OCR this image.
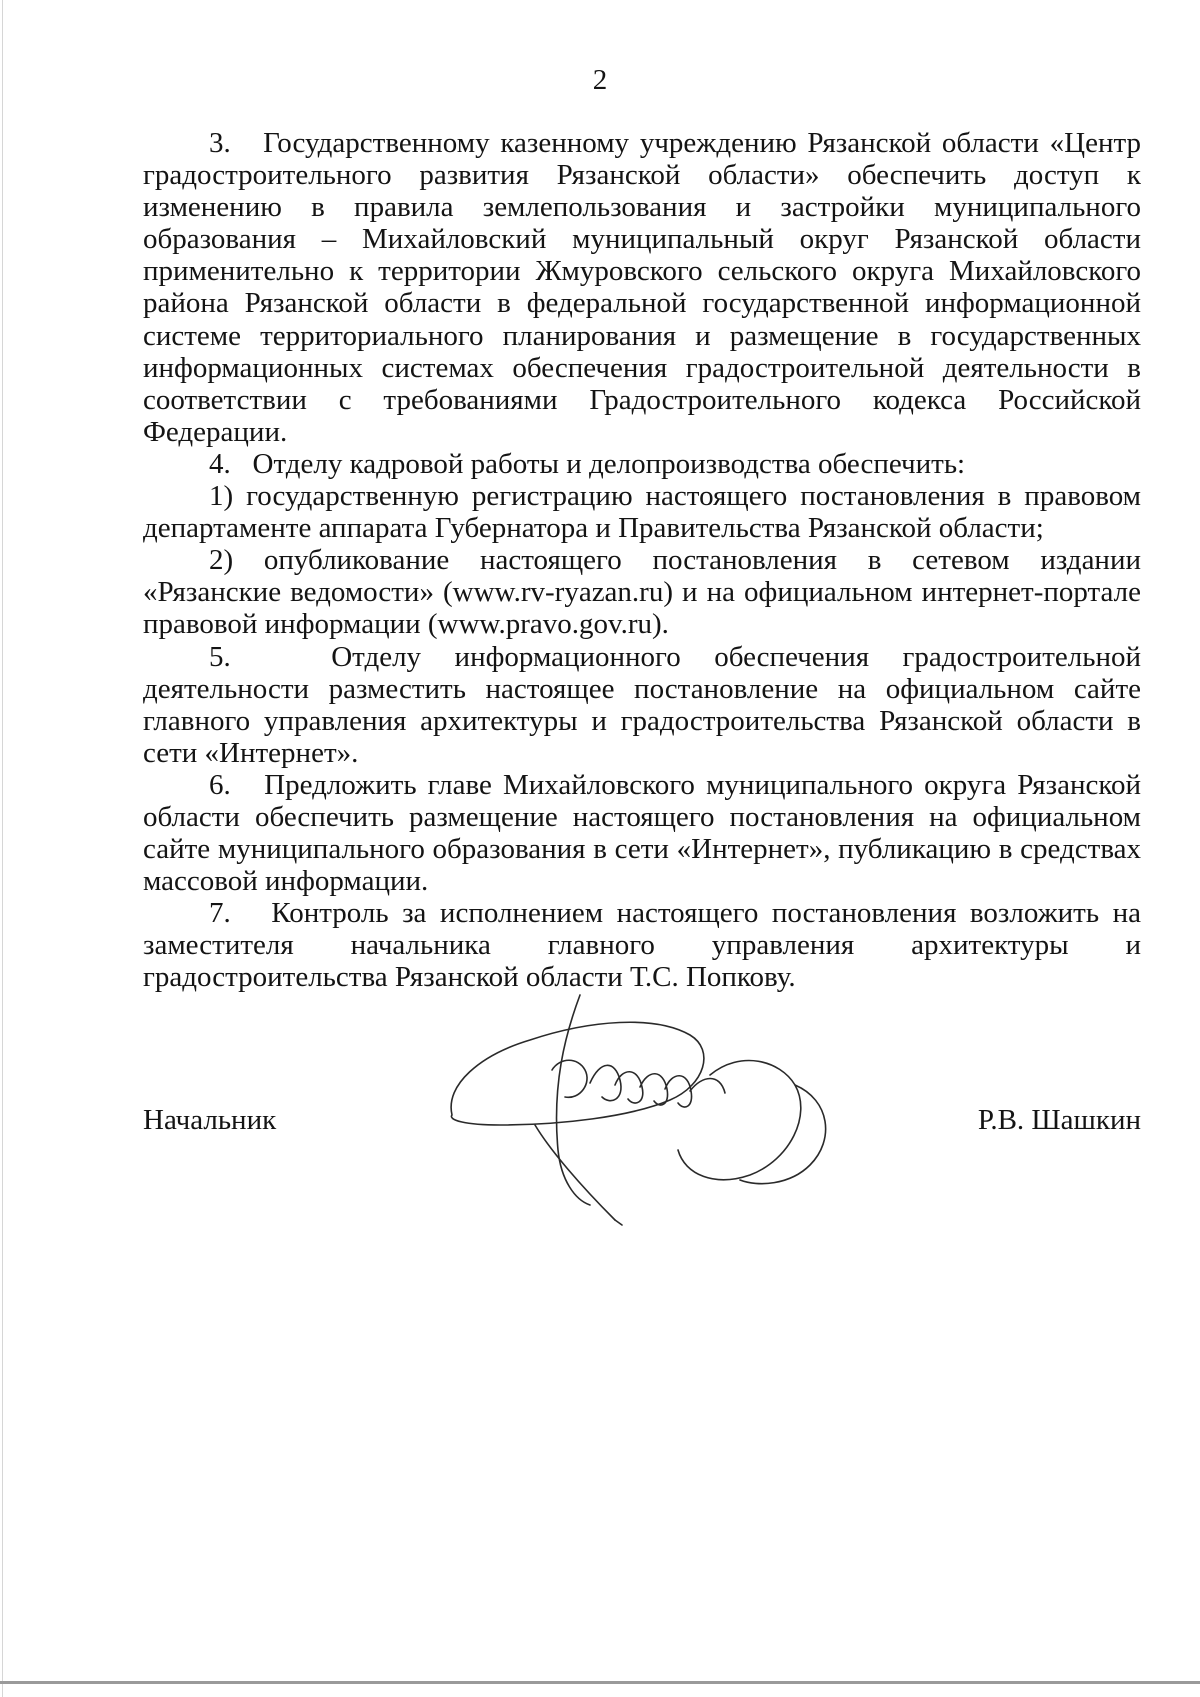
2

3.   Государственному казенному учреждению Рязанской области «Центр градостроительного развития Рязанской области» обеспечить доступ к изменению в правила землепользования и застройки муниципального образования – Михайловский муниципальный округ Рязанской области применительно к территории Жмуровского сельского округа Михайловского района Рязанской области в федеральной государственной информационной системе территориального планирования и размещение в государственных информационных системах обеспечения градостроительной деятельности в соответствии с требованиями Градостроительного кодекса Российской Федерации.

4.   Отделу кадровой работы и делопроизводства обеспечить:

1) государственную регистрацию настоящего постановления в правовом департаменте аппарата Губернатора и Правительства Рязанской области;

2) опубликование настоящего постановления в сетевом издании «Рязанские ведомости» (www.rv-ryazan.ru) и на официальном интернет-портале правовой информации (www.pravo.gov.ru).

5.   Отделу информационного обеспечения градостроительной деятельности разместить настоящее постановление на официальном сайте главного управления архитектуры и градостроительства Рязанской области в сети «Интернет».

6.   Предложить главе Михайловского муниципального округа Рязанской области обеспечить размещение настоящего постановления на официальном сайте муниципального образования в сети «Интернет», публикацию в средствах массовой информации.

7.   Контроль за исполнением настоящего постановления возложить на заместителя начальника главного управления архитектуры и градостроительства Рязанской области Т.С. Попкову.

Начальник	Р.В. Шашкин
